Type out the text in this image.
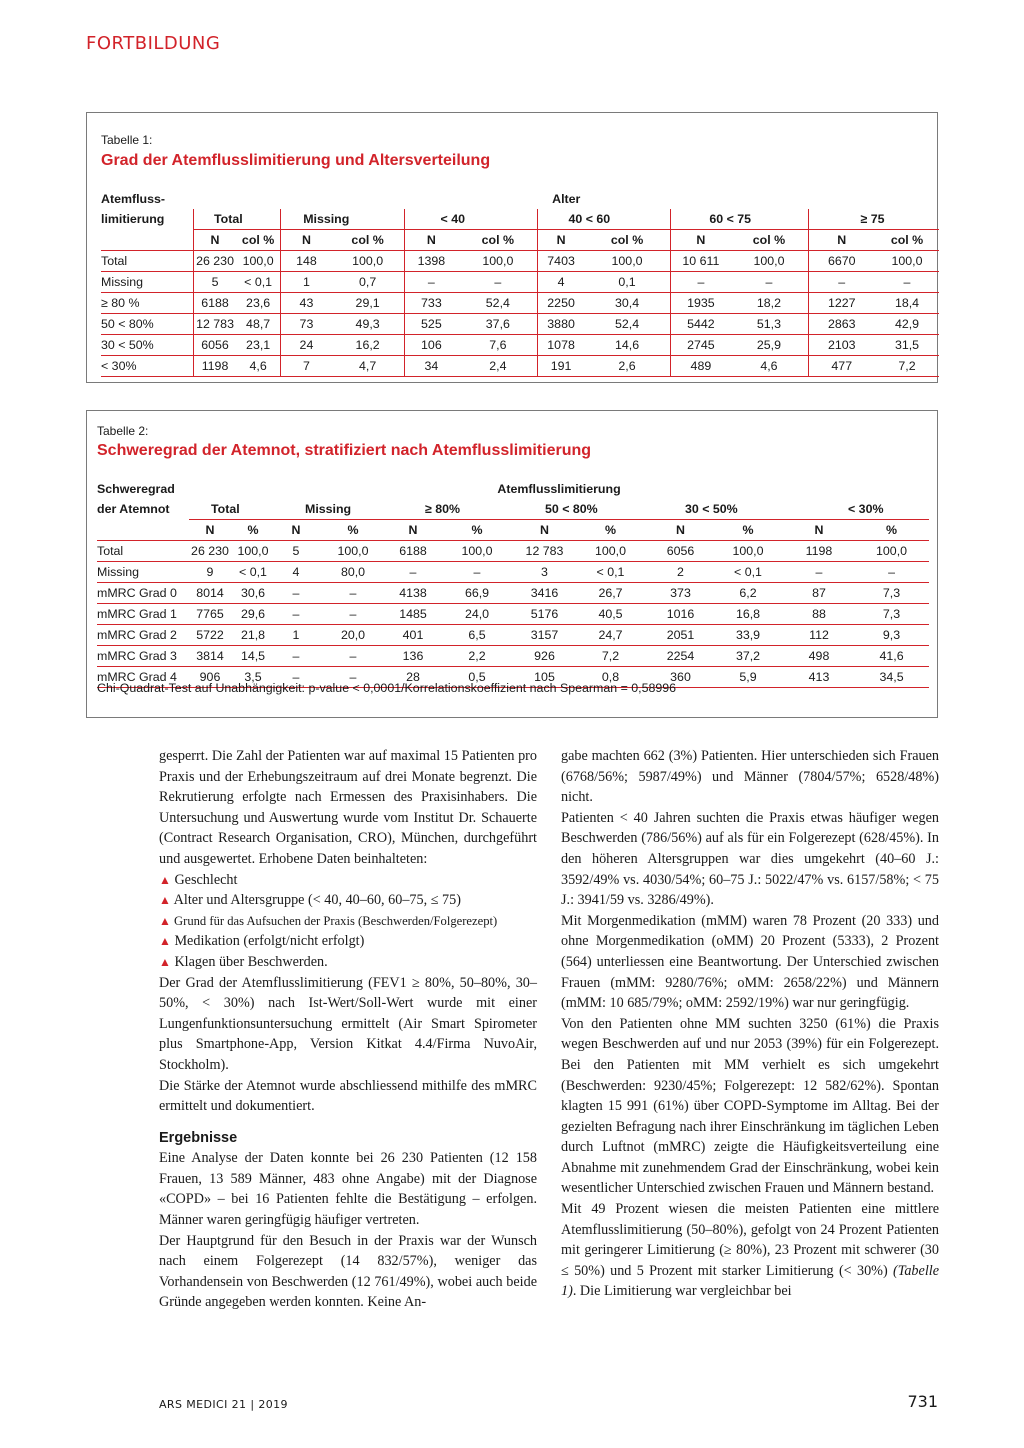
FORTBILDUNG
Tabelle 1:
Grad der Atemflusslimitierung und Altersverteilung
Atemfluss-	Alter											
limitierung	Total		Missing		< 40		40 < 60		60 < 75		≥ 75	
	N	col %	N	col %	N	col %	N	col %	N	col %	N	col %
Total	26 230	100,0	148	100,0	1398	100,0	7403	100,0	10 611	100,0	6670	100,0
Missing	5	< 0,1	1	0,7	–	–	4	0,1	–	–	–	–
≥ 80 %	6188	23,6	43	29,1	733	52,4	2250	30,4	1935	18,2	1227	18,4
50 < 80%	12 783	48,7	73	49,3	525	37,6	3880	52,4	5442	51,3	2863	42,9
30 < 50%	6056	23,1	24	16,2	106	7,6	1078	14,6	2745	25,9	2103	31,5
< 30%	1198	4,6	7	4,7	34	2,4	191	2,6	489	4,6	477	7,2
Tabelle 2:
Schweregrad der Atemnot, stratifiziert nach Atemflusslimitierung
Schweregrad	Atemflusslimitierung											
der Atemnot	Total		Missing		≥ 80%		50 < 80%		30 < 50%		< 30%	
	N	%	N	%	N	%	N	%	N	%	N	%
Total	26 230	100,0	5	100,0	6188	100,0	12 783	100,0	6056	100,0	1198	100,0
Missing	9	< 0,1	4	80,0	–	–	3	< 0,1	2	< 0,1	–	–
mMRC Grad 0	8014	30,6	–	–	4138	66,9	3416	26,7	373	6,2	87	7,3
mMRC Grad 1	7765	29,6	–	–	1485	24,0	5176	40,5	1016	16,8	88	7,3
mMRC Grad 2	5722	21,8	1	20,0	401	6,5	3157	24,7	2051	33,9	112	9,3
mMRC Grad 3	3814	14,5	–	–	136	2,2	926	7,2	2254	37,2	498	41,6
mMRC Grad 4	906	3,5	–	–	28	0,5	105	0,8	360	5,9	413	34,5
Chi-Quadrat-Test auf Unabhängigkeit: p-value < 0,0001/Korrelationskoeffizient nach Spearman = 0,58996

gesperrt. Die Zahl der Patienten war auf maximal 15 Patienten pro Praxis und der Erhebungszeitraum auf drei Monate begrenzt. Die Rekrutierung erfolgte nach Ermessen des Praxisinhabers. Die Untersuchung und Auswertung wurde vom Institut Dr. Schauerte (Contract Research Organisation, CRO), München, durchgeführt und ausgewertet. Erhobene Daten beinhalteten:

▲ Geschlecht

▲ Alter und Altersgruppe (< 40, 40–60, 60–75, ≤ 75)

▲ Grund für das Aufsuchen der Praxis (Beschwerden/Folgerezept)

▲ Medikation (erfolgt/nicht erfolgt)

▲ Klagen über Beschwerden.

Der Grad der Atemflusslimitierung (FEV1 ≥ 80%, 50–80%, 30–50%, < 30%) nach Ist-Wert/Soll-Wert wurde mit einer Lungenfunktionsuntersuchung ermittelt (Air Smart Spirometer plus Smartphone-App, Version Kitkat 4.4/Firma NuvoAir, Stockholm).

Die Stärke der Atemnot wurde abschliessend mithilfe des mMRC ermittelt und dokumentiert.

Ergebnisse

Eine Analyse der Daten konnte bei 26 230 Patienten (12 158 Frauen, 13 589 Männer, 483 ohne Angabe) mit der Diagnose «COPD» – bei 16 Patienten fehlte die Bestätigung – erfolgen. Männer waren geringfügig häufiger vertreten.

Der Hauptgrund für den Besuch in der Praxis war der Wunsch nach einem Folgerezept (14 832/57%), weniger das Vorhandensein von Beschwerden (12 761/49%), wobei auch beide Gründe angegeben werden konnten. Keine An-

gabe machten 662 (3%) Patienten. Hier unterschieden sich Frauen (6768/56%; 5987/49%) und Männer (7804/57%; 6528/48%) nicht.

Patienten < 40 Jahren suchten die Praxis etwas häufiger wegen Beschwerden (786/56%) auf als für ein Folgerezept (628/45%). In den höheren Altersgruppen war dies umgekehrt (40–60 J.: 3592/49% vs. 4030/54%; 60–75 J.: 5022/47% vs. 6157/58%; < 75 J.: 3941/59 vs. 3286/49%).

Mit Morgenmedikation (mMM) waren 78 Prozent (20 333) und ohne Morgenmedikation (oMM) 20 Prozent (5333), 2 Prozent (564) unterliessen eine Beantwortung. Der Unterschied zwischen Frauen (mMM: 9280/76%; oMM: 2658/22%) und Männern (mMM: 10 685/79%; oMM: 2592/19%) war nur geringfügig.

Von den Patienten ohne MM suchten 3250 (61%) die Praxis wegen Beschwerden auf und nur 2053 (39%) für ein Folgerezept. Bei den Patienten mit MM verhielt es sich umgekehrt (Beschwerden: 9230/45%; Folgerezept: 12 582/62%). Spontan klagten 15 991 (61%) über COPD-Symptome im Alltag. Bei der gezielten Befragung nach ihrer Einschränkung im täglichen Leben durch Luftnot (mMRC) zeigte die Häufigkeitsverteilung eine Abnahme mit zunehmendem Grad der Einschränkung, wobei kein wesentlicher Unterschied zwischen Frauen und Männern bestand.

Mit 49 Prozent wiesen die meisten Patienten eine mittlere Atemflusslimitierung (50–80%), gefolgt von 24 Prozent Patienten mit geringerer Limitierung (≥ 80%), 23 Prozent mit schwerer (30 ≤ 50%) und 5 Prozent mit starker Limitierung (< 30%) (Tabelle 1). Die Limitierung war vergleichbar bei

ARS MEDICI 21 | 2019	731
